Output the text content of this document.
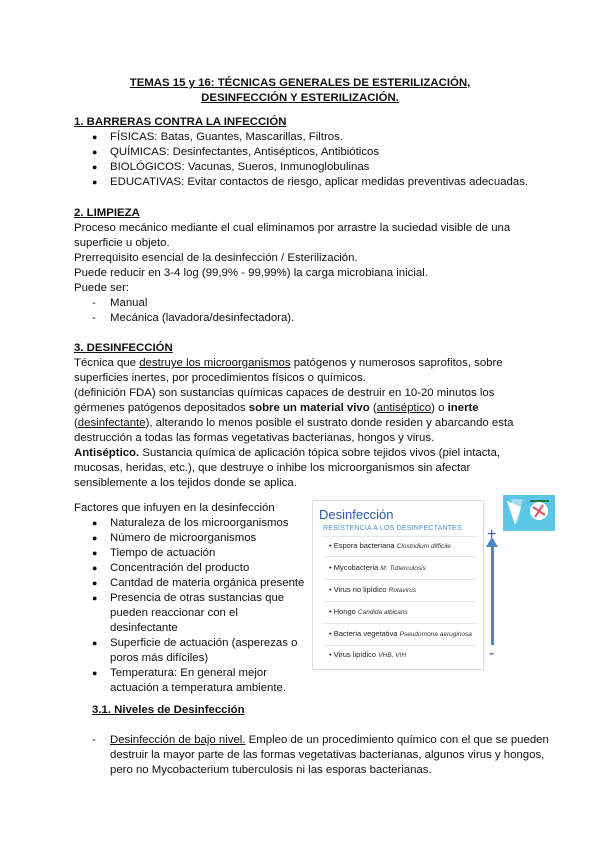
TEMAS 15 y 16: TÉCNICAS GENERALES DE ESTERILIZACIÓN,
DESINFECCIÓN Y ESTERILIZACIÓN.
1. BARRERAS CONTRA LA INFECCIÓN
● FÍSICAS: Batas, Guantes, Mascarillas, Filtros.
● QUÍMICAS: Desinfectantes, Antisépticos, Antibióticos
● BIOLÓGICOS: Vacunas, Sueros, Inmunoglobulinas
● EDUCATIVAS: Evitar contactos de riesgo, aplicar medidas preventivas adecuadas.
2. LIMPIEZA
Proceso mecánico mediante el cual eliminamos por arrastre la suciedad visible de una
superficie u objeto.
Prerrequisito esencial de la desinfección / Esterilización.
Puede reducir en 3-4 log (99,9% - 99,99%) la carga microbiana inicial.
Puede ser:
- Manual
- Mecánica (lavadora/desinfectadora).
3. DESINFECCIÓN
Técnica que destruye los microorganismos patógenos y numerosos saprofitos, sobre
superficies inertes, por procedimientos físicos o químicos.
(definición FDA) son sustancias químicas capaces de destruir en 10-20 minutos los
gérmenes patógenos depositados sobre un material vivo (antiséptico) o inerte
(desinfectante), alterando lo menos posible el sustrato donde residen y abarcando esta
destrucción a todas las formas vegetativas bacterianas, hongos y virus.
Antiséptico. Sustancia química de aplicación tópica sobre tejidos vivos (piel intacta,
mucosas, heridas, etc.), que destruye o inhibe los microorganismos sin afectar
sensiblemente a los tejidos donde se aplica.
Factores que infuyen en la desinfección
● Naturaleza de los microorganismos
● Número de microorganismos
● Tiempo de actuación
● Concentración del producto
● Cantdad de materia orgánica presente
● Presencia de otras sustancias que
pueden reaccionar con el
desinfectante
● Superficie de actuación (asperezas o
poros más difíciles)
● Temperatura: En general mejor
actuación a temperatura ambiente.
Desinfección
RESISTENCIA A LOS DESINFECTANTES
• Espora bacteriana Clostridium difficile
• Mycobacteria M. Tuberculosis
• Virus no lipídico Rotavirus
• Hongo Candida albicans
• Bacteria vegetativa Pseudomona aeruginosa
• Virus lipídico VHB, VIH
+
-
3.1. Niveles de Desinfección
- Desinfección de bajo nivel. Empleo de un procedimiento químico con el que se pueden
destruir la mayor parte de las formas vegetativas bacterianas, algunos virus y hongos,
pero no Mycobacterium tuberculosis ni las esporas bacterianas.
